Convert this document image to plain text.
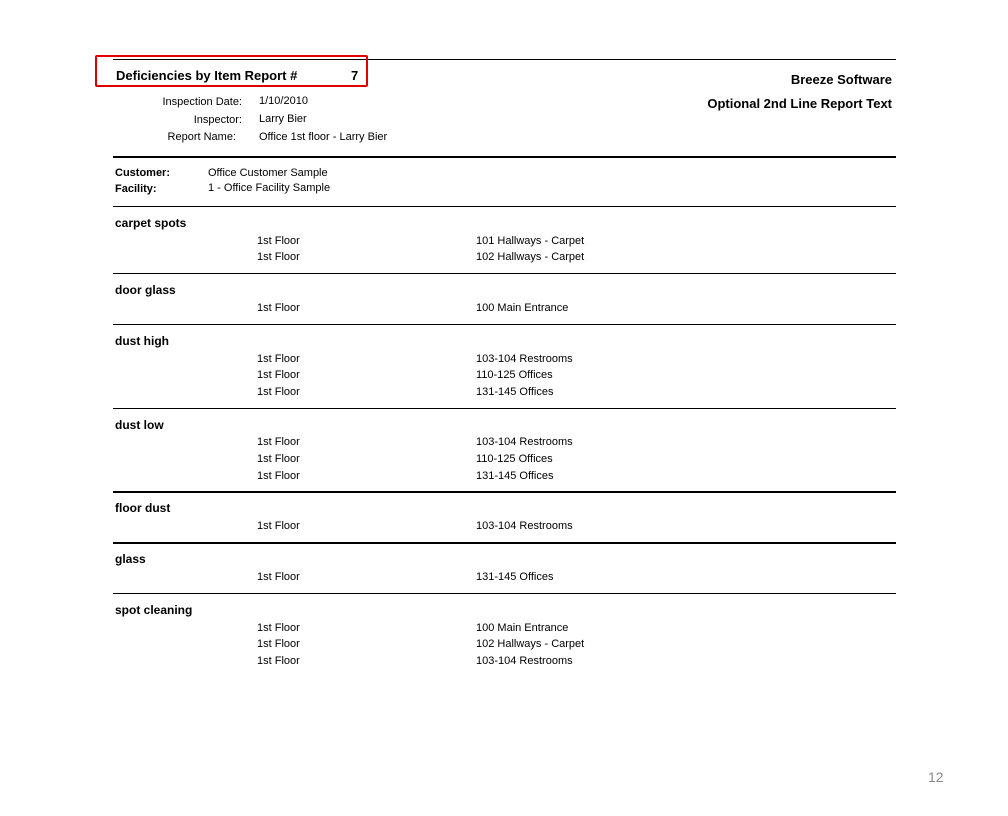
Deficiencies by Item Report #	7	Breeze Software
Optional 2nd Line Report Text
Inspection Date: 1/10/2010
Inspector: Larry Bier
Report Name: Office 1st floor - Larry Bier
Customer:	Office Customer Sample
Facility:	1 - Office Facility Sample
carpet spots
1st Floor	101 Hallways - Carpet
1st Floor	102 Hallways - Carpet
door glass
1st Floor	100 Main Entrance
dust high
1st Floor	103-104 Restrooms
1st Floor	110-125 Offices
1st Floor	131-145 Offices
dust low
1st Floor	103-104 Restrooms
1st Floor	110-125 Offices
1st Floor	131-145 Offices
floor dust
1st Floor	103-104 Restrooms
glass
1st Floor	131-145 Offices
spot cleaning
1st Floor	100 Main Entrance
1st Floor	102 Hallways - Carpet
1st Floor	103-104 Restrooms
12
